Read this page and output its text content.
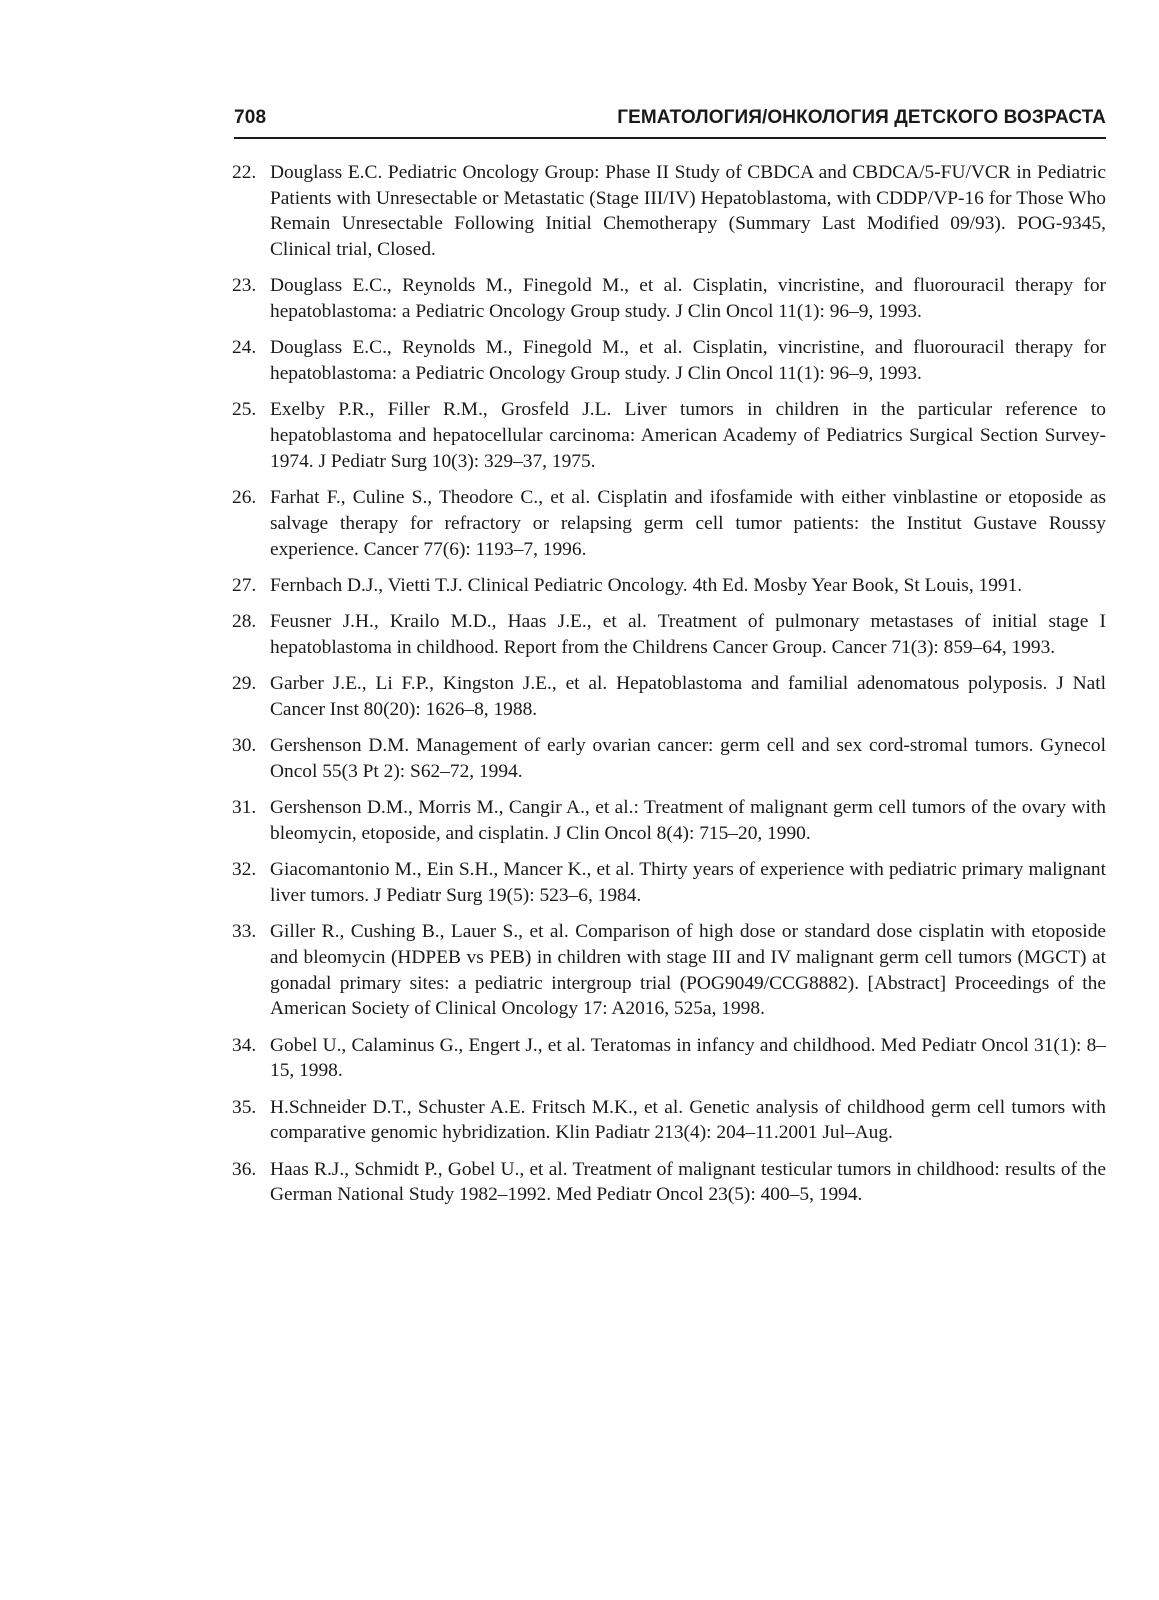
708	ГЕМАТОЛОГИЯ/ОНКОЛОГИЯ ДЕТСКОГО ВОЗРАСТА
22. Douglass E.C. Pediatric Oncology Group: Phase II Study of CBDCA and CBDCA/5-FU/VCR in Pediatric Patients with Unresectable or Metastatic (Stage III/IV) Hepatoblastoma, with CDDP/VP-16 for Those Who Remain Unresectable Following Initial Chemotherapy (Summary Last Modified 09/93). POG-9345, Clinical trial, Closed.
23. Douglass E.C., Reynolds M., Finegold M., et al. Cisplatin, vincristine, and fluorouracil therapy for hepatoblastoma: a Pediatric Oncology Group study. J Clin Oncol 11(1): 96–9, 1993.
24. Douglass E.C., Reynolds M., Finegold M., et al. Cisplatin, vincristine, and fluorouracil therapy for hepatoblastoma: a Pediatric Oncology Group study. J Clin Oncol 11(1): 96–9, 1993.
25. Exelby P.R., Filler R.M., Grosfeld J.L. Liver tumors in children in the particular reference to hepatoblastoma and hepatocellular carcinoma: American Academy of Pediatrics Surgical Section Survey-1974. J Pediatr Surg 10(3): 329–37, 1975.
26. Farhat F., Culine S., Theodore C., et al. Cisplatin and ifosfamide with either vinblastine or etoposide as salvage therapy for refractory or relapsing germ cell tumor patients: the Institut Gustave Roussy experience. Cancer 77(6): 1193–7, 1996.
27. Fernbach D.J., Vietti T.J. Clinical Pediatric Oncology. 4th Ed. Mosby Year Book, St Louis, 1991.
28. Feusner J.H., Krailo M.D., Haas J.E., et al. Treatment of pulmonary metastases of initial stage I hepatoblastoma in childhood. Report from the Childrens Cancer Group. Cancer 71(3): 859–64, 1993.
29. Garber J.E., Li F.P., Kingston J.E., et al. Hepatoblastoma and familial adenomatous polyposis. J Natl Cancer Inst 80(20): 1626–8, 1988.
30. Gershenson D.M. Management of early ovarian cancer: germ cell and sex cord-stromal tumors. Gynecol Oncol 55(3 Pt 2): S62–72, 1994.
31. Gershenson D.M., Morris M., Cangir A., et al.: Treatment of malignant germ cell tumors of the ovary with bleomycin, etoposide, and cisplatin. J Clin Oncol 8(4): 715–20, 1990.
32. Giacomantonio M., Ein S.H., Mancer K., et al. Thirty years of experience with pediatric primary malignant liver tumors. J Pediatr Surg 19(5): 523–6, 1984.
33. Giller R., Cushing B., Lauer S., et al. Comparison of high dose or standard dose cisplatin with etoposide and bleomycin (HDPEB vs PEB) in children with stage III and IV malignant germ cell tumors (MGCT) at gonadal primary sites: a pediatric intergroup trial (POG9049/CCG8882). [Abstract] Proceedings of the American Society of Clinical Oncology 17: A2016, 525a, 1998.
34. Gobel U., Calaminus G., Engert J., et al. Teratomas in infancy and childhood. Med Pediatr Oncol 31(1): 8–15, 1998.
35. H.Schneider D.T., Schuster A.E. Fritsch M.K., et al. Genetic analysis of childhood germ cell tumors with comparative genomic hybridization. Klin Padiatr 213(4): 204–11.2001 Jul–Aug.
36. Haas R.J., Schmidt P., Gobel U., et al. Treatment of malignant testicular tumors in childhood: results of the German National Study 1982–1992. Med Pediatr Oncol 23(5): 400–5, 1994.
